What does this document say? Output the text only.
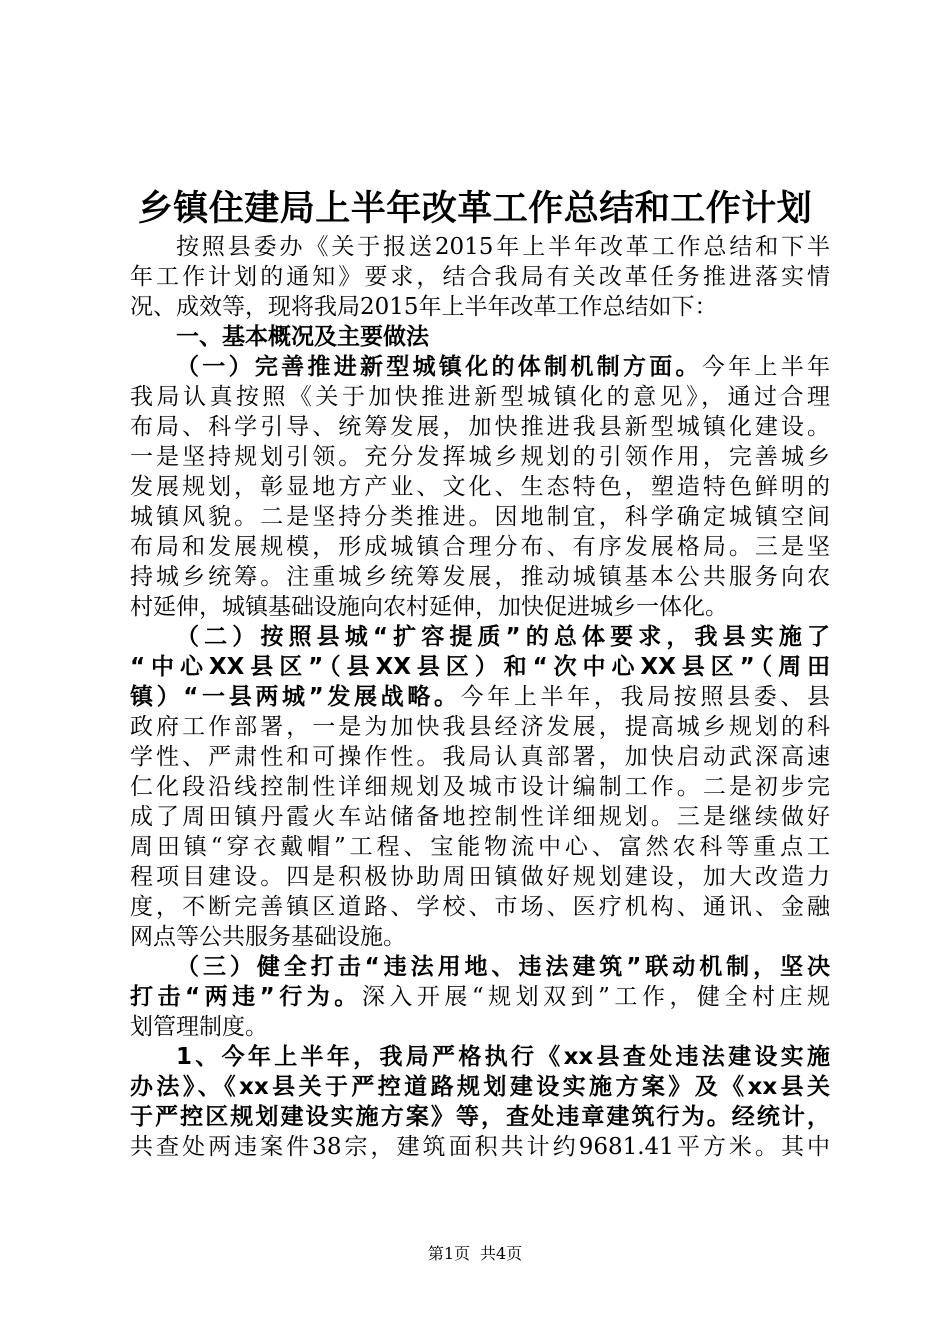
乡镇住建局上半年改革工作总结和工作计划
按照县委办《关于报送2015年上半年改革工作总结和下半
年工作计划的通知》要求，结合我局有关改革任务推进落实情
况、成效等，现将我局2015年上半年改革工作总结如下：
一、基本概况及主要做法
（一）完善推进新型城镇化的体制机制方面。今年上半年
我局认真按照《关于加快推进新型城镇化的意见》，通过合理
布局、科学引导、统筹发展，加快推进我县新型城镇化建设。
一是坚持规划引领。充分发挥城乡规划的引领作用，完善城乡
发展规划，彰显地方产业、文化、生态特色，塑造特色鲜明的
城镇风貌。二是坚持分类推进。因地制宜，科学确定城镇空间
布局和发展规模，形成城镇合理分布、有序发展格局。三是坚
持城乡统筹。注重城乡统筹发展，推动城镇基本公共服务向农
村延伸，城镇基础设施向农村延伸，加快促进城乡一体化。
（二）按照县城“扩容提质”的总体要求，我县实施了
“中心XX县区”（县XX县区）和“次中心XX县区”（周田
镇）“一县两城”发展战略。今年上半年，我局按照县委、县
政府工作部署，一是为加快我县经济发展，提高城乡规划的科
学性、严肃性和可操作性。我局认真部署，加快启动武深高速
仁化段沿线控制性详细规划及城市设计编制工作。二是初步完
成了周田镇丹霞火车站储备地控制性详细规划。三是继续做好
周田镇“穿衣戴帽”工程、宝能物流中心、富然农科等重点工
程项目建设。四是积极协助周田镇做好规划建设，加大改造力
度，不断完善镇区道路、学校、市场、医疗机构、通讯、金融
网点等公共服务基础设施。
（三）健全打击“违法用地、违法建筑”联动机制，坚决
打击“两违”行为。深入开展“规划双到”工作，健全村庄规
划管理制度。
1、今年上半年，我局严格执行《xx县查处违法建设实施
办法》、《xx县关于严控道路规划建设实施方案》及《xx县关
于严控区规划建设实施方案》等，查处违章建筑行为。经统计，
共查处两违案件38宗，建筑面积共计约9681.41平方米。其中
第1页 共4页
